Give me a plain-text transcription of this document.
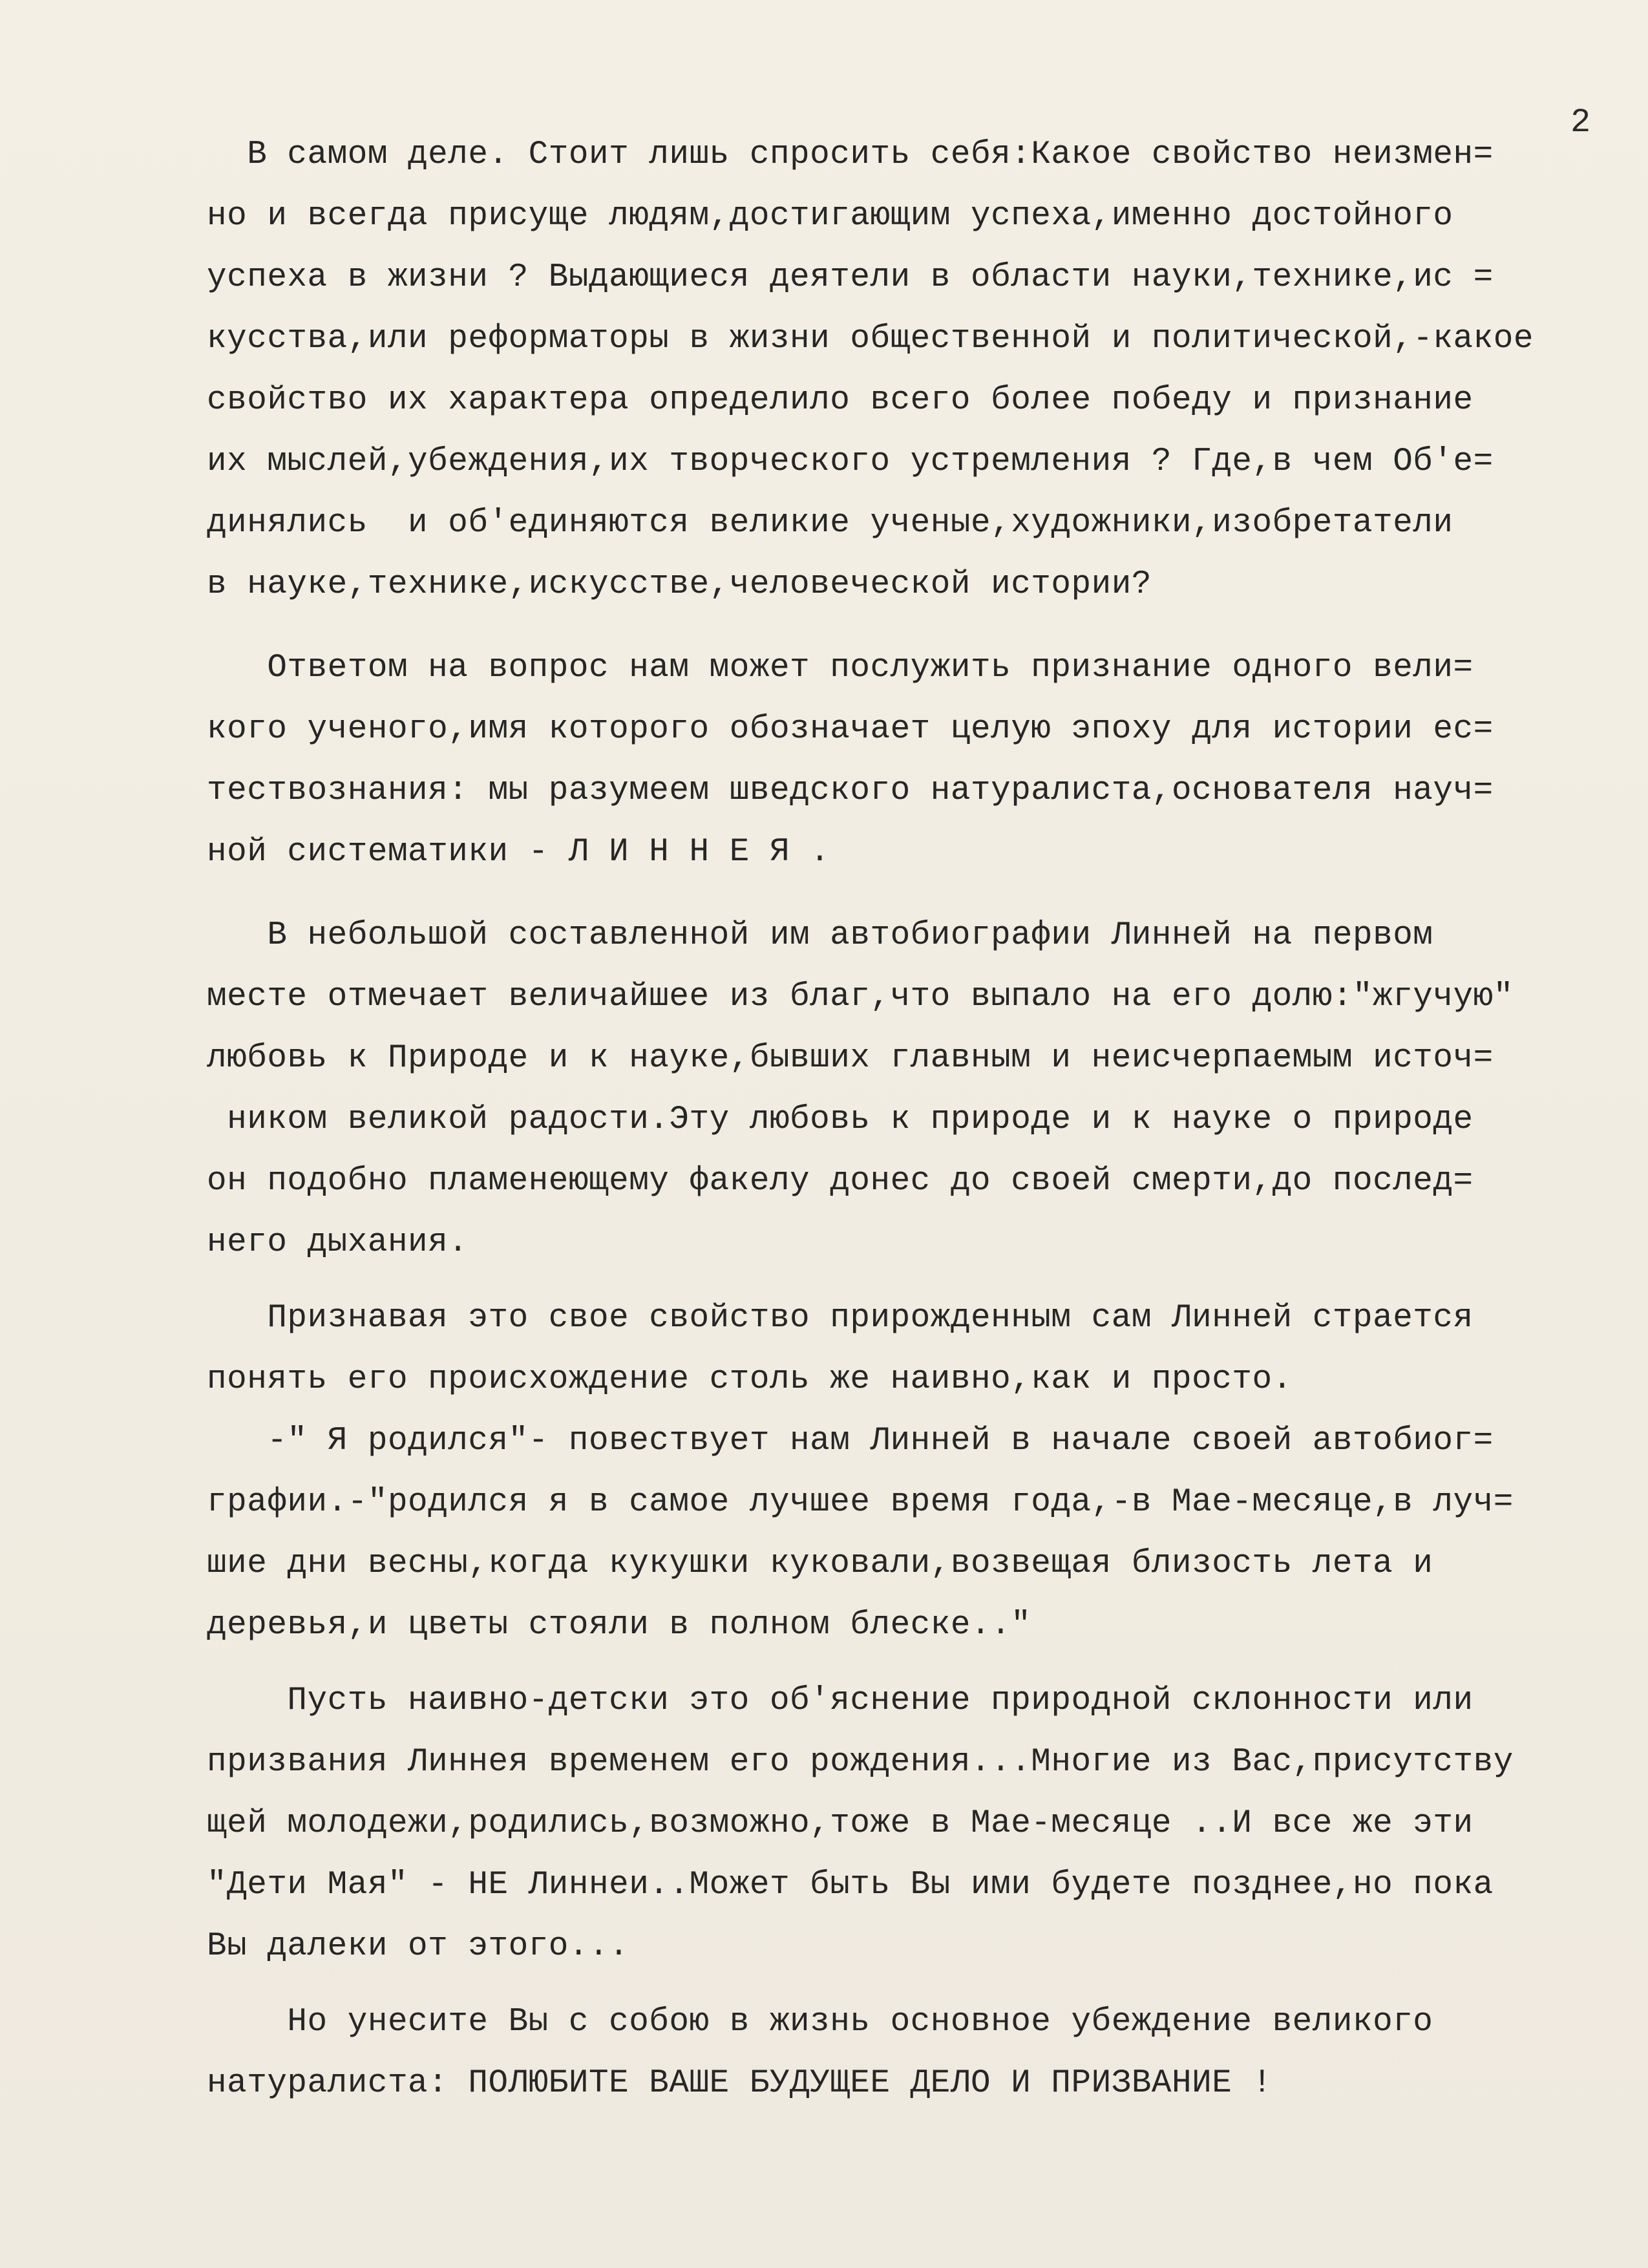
2
В самом деле. Стоит лишь спросить себя:Какое свойство неизмен=
но и всегда присуще людям,достигающим успеха,именно достойного
успеха в жизни ? Выдающиеся деятели в области науки,технике,ис =
кусства,или реформаторы в жизни общественной и политической,-какое
свойство их характера определило всего более победу и признание
их мыслей,убеждения,их творческого устремления ? Где,в чем Об'е=
динялись  и об'единяются великие ученые,художники,изобретатели
в науке,технике,искусстве,человеческой истории?
Ответом на вопрос нам может послужить признание одного вели=
кого ученого,имя которого обозначает целую эпоху для истории ес=
тествознания: мы разумеем шведского натуралиста,основателя науч=
ной систематики - Л И Н Н Е Я .
В небольшой составленной им автобиографии Линней на первом
месте отмечает величайшее из благ,что выпало на его долю:"жгучую"
любовь к Природе и к науке,бывших главным и неисчерпаемым источ=
ником великой радости.Эту любовь к природе и к науке о природе
он подобно пламенеющему факелу донес до своей смерти,до послед=
него дыхания.
Признавая это свое свойство прирожденным сам Линней страется
понять его происхождение столь же наивно,как и просто.
-" Я родился"- повествует нам Линней в начале своей автобиог=
графии.-"родился я в самое лучшее время года,-в Мае-месяце,в луч=
шие дни весны,когда кукушки куковали,возвещая близость лета и
деревья,и цветы стояли в полном блеске.."
Пусть наивно-детски это об'яснение природной склонности или
призвания Линнея временем его рождения...Многие из Вас,присутству
щей молодежи,родились,возможно,тоже в Мае-месяце ..И все же эти
"Дети Мая" - НЕ Линнеи..Может быть Вы ими будете позднее,но пока
Вы далеки от этого...
Но унесите Вы с собою в жизнь основное убеждение великого
натуралиста: ПОЛЮБИТЕ ВАШЕ БУДУЩЕЕ ДЕЛО И ПРИЗВАНИЕ !
